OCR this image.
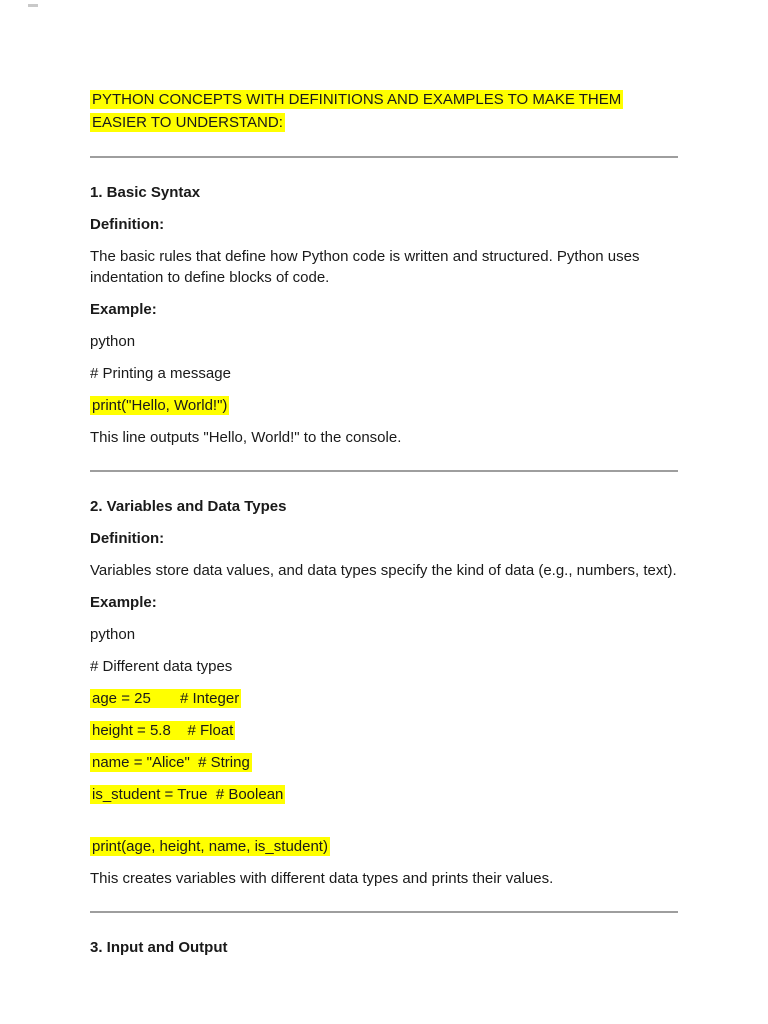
PYTHON CONCEPTS WITH DEFINITIONS AND EXAMPLES TO MAKE THEM EASIER TO UNDERSTAND:

1. Basic Syntax

Definition:

The basic rules that define how Python code is written and structured. Python uses indentation to define blocks of code.

Example:

python

# Printing a message

print("Hello, World!")

This line outputs "Hello, World!" to the console.

2. Variables and Data Types

Definition:

Variables store data values, and data types specify the kind of data (e.g., numbers, text).

Example:

python

# Different data types

age = 25       # Integer

height = 5.8    # Float

name = "Alice"  # String

is_student = True  # Boolean

print(age, height, name, is_student)

This creates variables with different data types and prints their values.

3. Input and Output
